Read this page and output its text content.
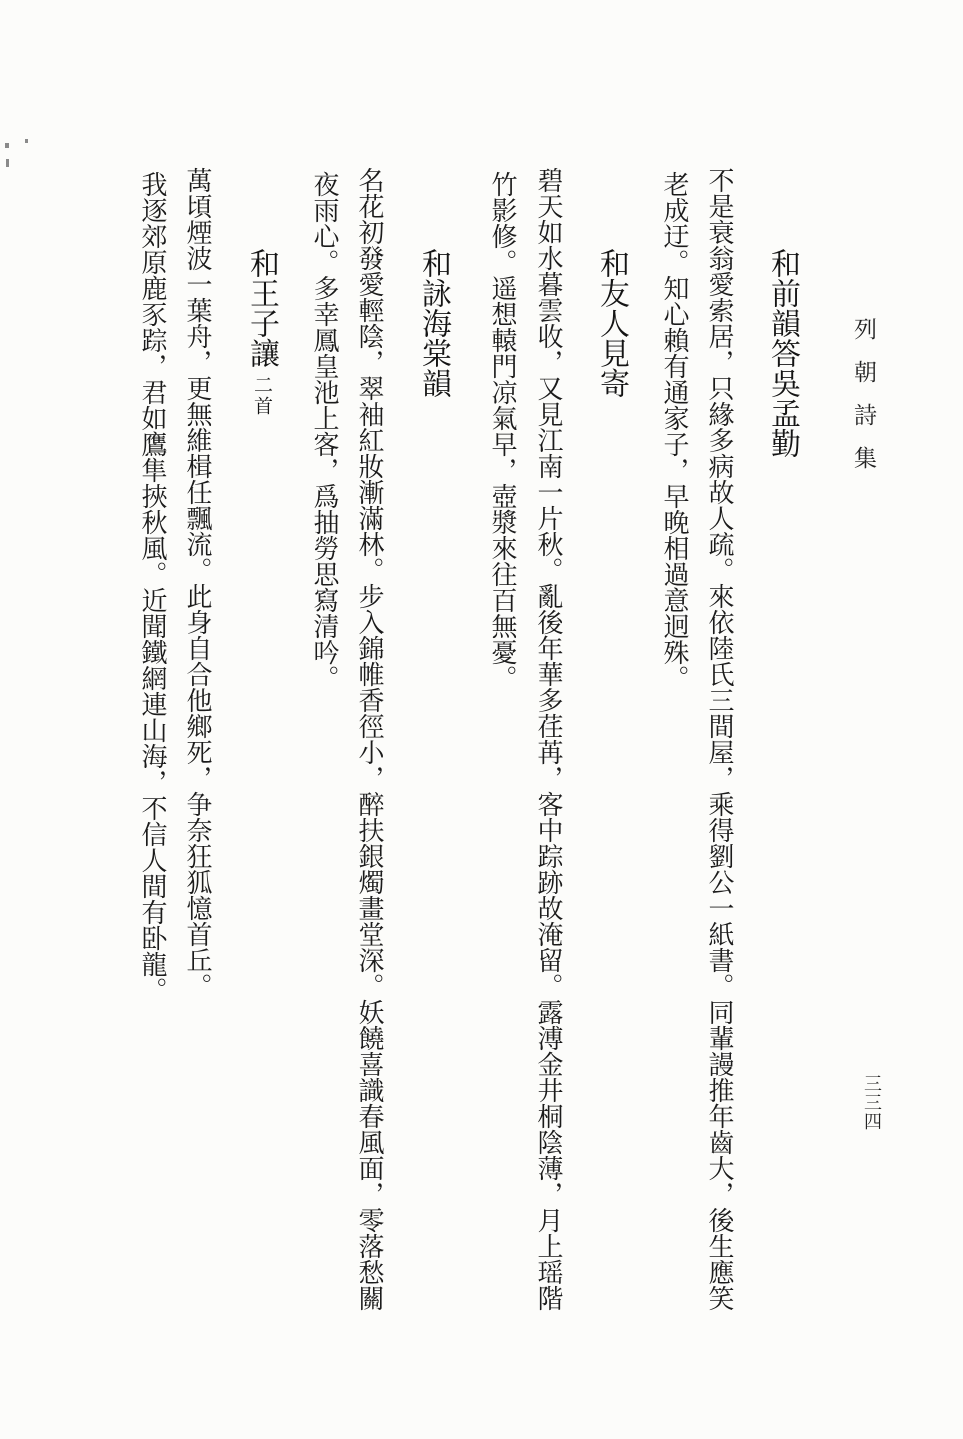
列朝詩集
和前韻答吳孟勤
不是衰翁愛索居，只緣多病故人疏。來依陸氏三間屋，乘得劉公一紙書。同輩謾推年齒大，後生應笑
老成迂。知心賴有通家子，早晚相過意迥殊。
和友人見寄
碧天如水暮雲收，又見江南一片秋。亂後年華多荏苒，客中踪跡故淹留。露溥金井桐陰薄，月上瑶階
竹影修。遥想轅門凉氣早，壺漿來往百無憂。
和詠海棠韻
名花初發愛輕陰，翠袖紅妝漸滿林。步入錦帷香徑小，醉扶銀燭畫堂深。妖饒喜識春風面，零落愁關
夜雨心。多幸鳳皇池上客，爲抽勞思寫清吟。
和王子讓二首
萬頃煙波一葉舟，更無維楫任飄流。此身自合他鄉死，争奈狂狐憶首丘。
我逐郊原鹿豕踪，君如鷹隼挾秋風。近聞鐵網連山海，不信人間有卧龍。
三三四
